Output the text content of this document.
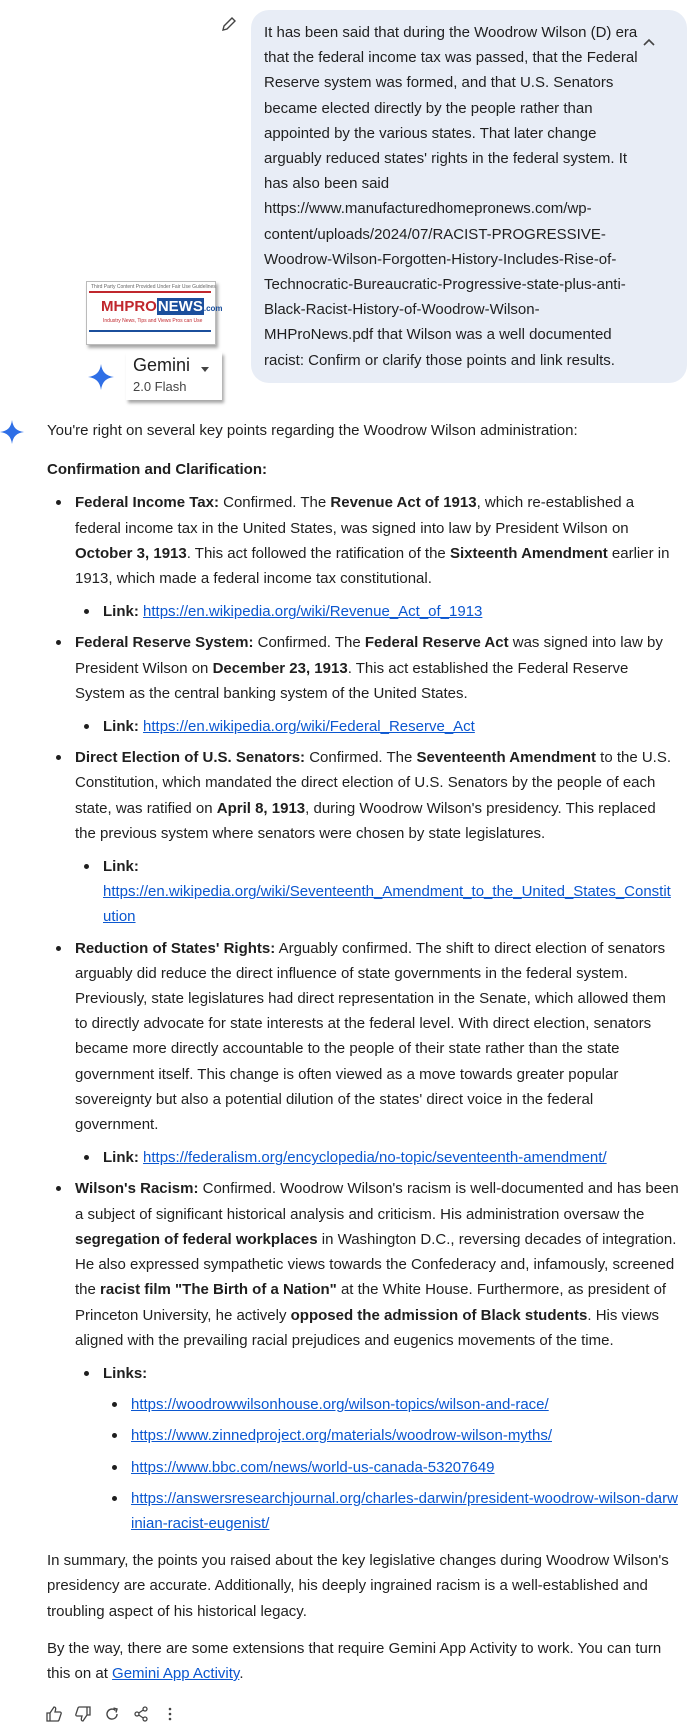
It has been said that during the Woodrow Wilson (D) era that the federal income tax was passed, that the Federal Reserve system was formed, and that U.S. Senators became elected directly by the people rather than appointed by the various states. That later change arguably reduced states' rights in the federal system. It has also been said https://www.manufacturedhomepronews.com/wp-content/uploads/2024/07/RACIST-PROGRESSIVE-Woodrow-Wilson-Forgotten-History-Includes-Rise-of-Technocratic-Bureaucratic-Progressive-state-plus-anti-Black-Racist-History-of-Woodrow-Wilson-MHProNews.pdf that Wilson was a well documented racist: Confirm or clarify those points and link results.
Third Party Content Provided Under Fair Use Guidelines
MHPRONEWS.com
Industry News, Tips and Views Pros can Use
Gemini
2.0 Flash

You're right on several key points regarding the Woodrow Wilson administration:

Confirmation and Clarification:

Federal Income Tax: Confirmed. The Revenue Act of 1913, which re-established a federal income tax in the United States, was signed into law by President Wilson on October 3, 1913. This act followed the ratification of the Sixteenth Amendment earlier in 1913, which made a federal income tax constitutional.
Link: https://en.wikipedia.org/wiki/Revenue_Act_of_1913
Federal Reserve System: Confirmed. The Federal Reserve Act was signed into law by President Wilson on December 23, 1913. This act established the Federal Reserve System as the central banking system of the United States.
Link: https://en.wikipedia.org/wiki/Federal_Reserve_Act
Direct Election of U.S. Senators: Confirmed. The Seventeenth Amendment to the U.S. Constitution, which mandated the direct election of U.S. Senators by the people of each state, was ratified on April 8, 1913, during Woodrow Wilson's presidency. This replaced the previous system where senators were chosen by state legislatures.
Link:
https://en.wikipedia.org/wiki/Seventeenth_Amendment_to_the_United_States_Constitution
Reduction of States' Rights: Arguably confirmed. The shift to direct election of senators arguably did reduce the direct influence of state governments in the federal system. Previously, state legislatures had direct representation in the Senate, which allowed them to directly advocate for state interests at the federal level. With direct election, senators became more directly accountable to the people of their state rather than the state government itself. This change is often viewed as a move towards greater popular sovereignty but also a potential dilution of the states' direct voice in the federal government.
Link: https://federalism.org/encyclopedia/no-topic/seventeenth-amendment/
Wilson's Racism: Confirmed. Woodrow Wilson's racism is well-documented and has been a subject of significant historical analysis and criticism. His administration oversaw the segregation of federal workplaces in Washington D.C., reversing decades of integration. He also expressed sympathetic views towards the Confederacy and, infamously, screened the racist film "The Birth of a Nation" at the White House. Furthermore, as president of Princeton University, he actively opposed the admission of Black students. His views aligned with the prevailing racial prejudices and eugenics movements of the time.
Links:
https://woodrowwilsonhouse.org/wilson-topics/wilson-and-race/
https://www.zinnedproject.org/materials/woodrow-wilson-myths/
https://www.bbc.com/news/world-us-canada-53207649
https://answersresearchjournal.org/charles-darwin/president-woodrow-wilson-darwinian-racist-eugenist/

In summary, the points you raised about the key legislative changes during Woodrow Wilson's presidency are accurate. Additionally, his deeply ingrained racism is a well-established and troubling aspect of his historical legacy.

By the way, there are some extensions that require Gemini App Activity to work. You can turn this on at Gemini App Activity.
